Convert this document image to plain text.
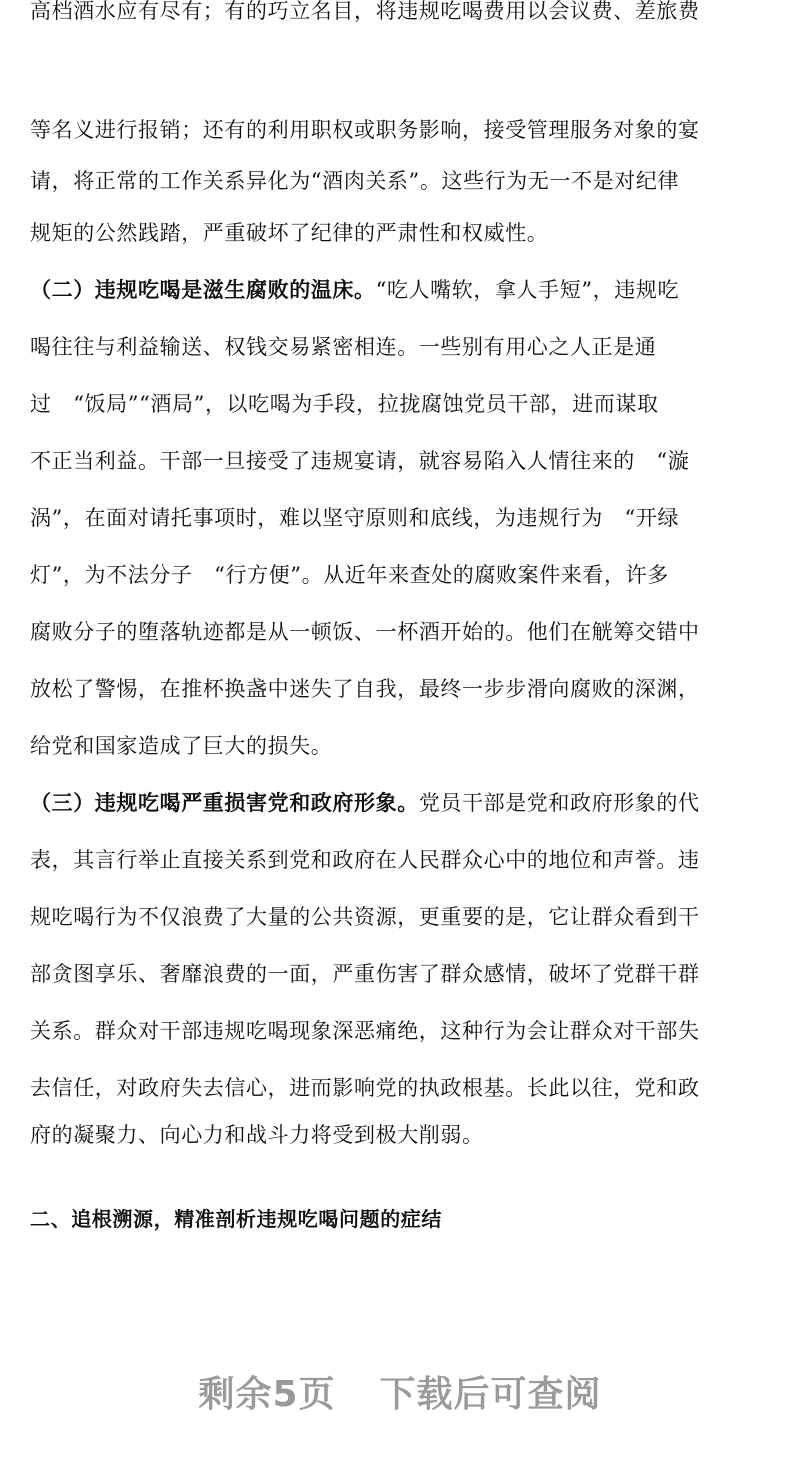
高档酒水应有尽有；有的巧立名目，将违规吃喝费用以会议费、差旅费
等名义进行报销；还有的利用职权或职务影响，接受管理服务对象的宴
请，将正常的工作关系异化为“酒肉关系”。这些行为无一不是对纪律
规矩的公然践踏，严重破坏了纪律的严肃性和权威性。
（二）违规吃喝是滋生腐败的温床。“吃人嘴软，拿人手短”，违规吃
喝往往与利益输送、权钱交易紧密相连。一些别有用心之人正是通
过　“饭局”“酒局”，以吃喝为手段，拉拢腐蚀党员干部，进而谋取
不正当利益。干部一旦接受了违规宴请，就容易陷入人情往来的　“漩
涡”，在面对请托事项时，难以坚守原则和底线，为违规行为　“开绿
灯”，为不法分子　“行方便”。从近年来查处的腐败案件来看，许多
腐败分子的堕落轨迹都是从一顿饭、一杯酒开始的。他们在觥筹交错中
放松了警惕，在推杯换盏中迷失了自我，最终一步步滑向腐败的深渊，
给党和国家造成了巨大的损失。
（三）违规吃喝严重损害党和政府形象。党员干部是党和政府形象的代
表，其言行举止直接关系到党和政府在人民群众心中的地位和声誉。违
规吃喝行为不仅浪费了大量的公共资源，更重要的是，它让群众看到干
部贪图享乐、奢靡浪费的一面，严重伤害了群众感情，破坏了党群干群
关系。群众对干部违规吃喝现象深恶痛绝，这种行为会让群众对干部失
去信任，对政府失去信心，进而影响党的执政根基。长此以往，党和政
府的凝聚力、向心力和战斗力将受到极大削弱。
二、追根溯源，精准剖析违规吃喝问题的症结
剩余5页 下载后可查阅
